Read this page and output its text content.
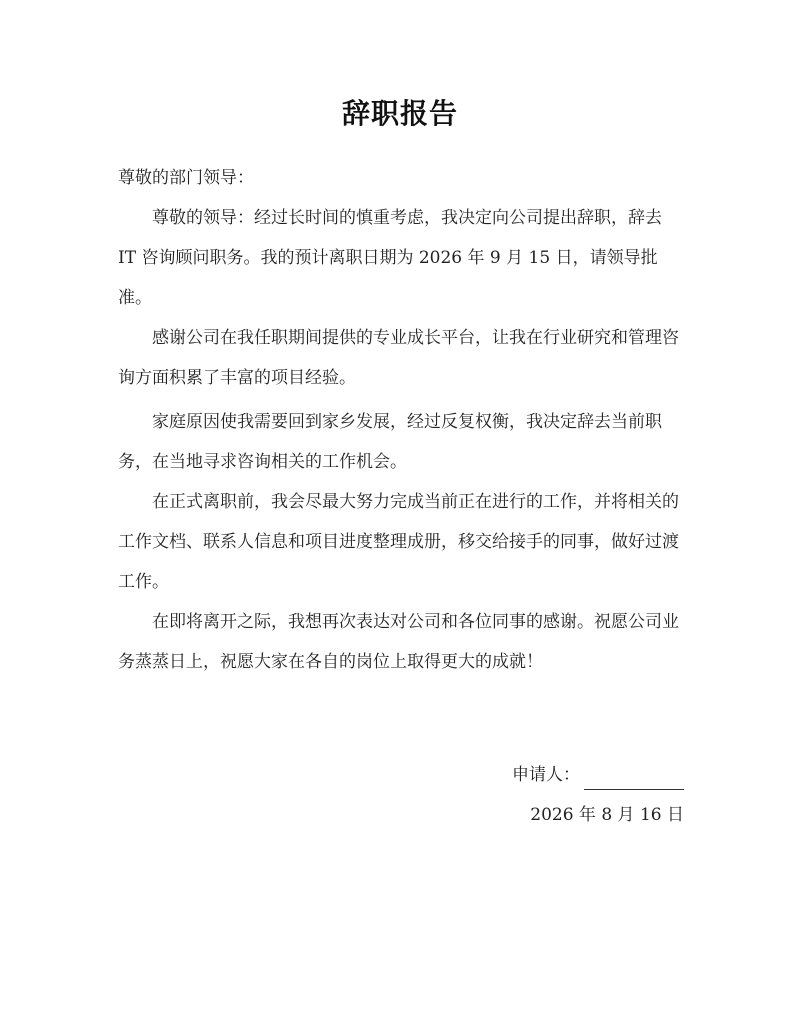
辞职报告

尊敬的部门领导：

尊敬的领导：经过长时间的慎重考虑，我决定向公司提出辞职，辞去 IT 咨询顾问职务。我的预计离职日期为 2026 年 9 月 15 日，请领导批准。

感谢公司在我任职期间提供的专业成长平台，让我在行业研究和管理咨询方面积累了丰富的项目经验。

家庭原因使我需要回到家乡发展，经过反复权衡，我决定辞去当前职务，在当地寻求咨询相关的工作机会。

在正式离职前，我会尽最大努力完成当前正在进行的工作，并将相关的工作文档、联系人信息和项目进度整理成册，移交给接手的同事，做好过渡工作。

在即将离开之际，我想再次表达对公司和各位同事的感谢。祝愿公司业务蒸蒸日上，祝愿大家在各自的岗位上取得更大的成就！

申请人：
2026 年 8 月 16 日
